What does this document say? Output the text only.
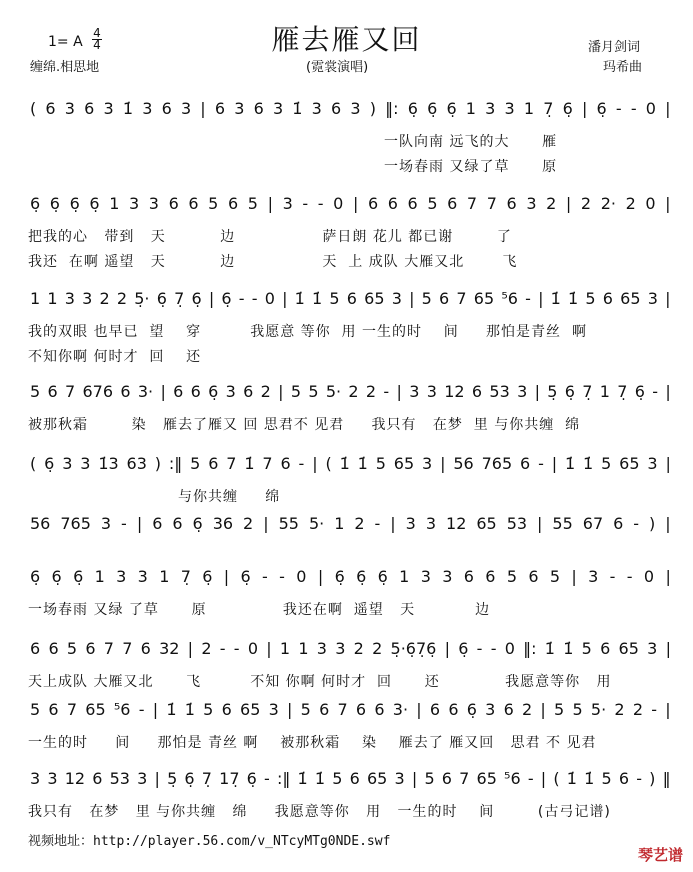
雁去雁又回
1= A
4
4
缠绵.相思地	(霓裳演唱)
潘月剑词
玛希曲
( 6 3 6 3 1̇ 3 6 3 | 6 3 6 3 1̇ 3 6 3 ) ‖: 6̣ 6̣ 6̣ 1 3 3 1 7̣ 6̣ | 6̣ - - 0 |
一队向南 远飞的大      雁
一场春雨 又绿了草      原
6̣ 6̣ 6̣ 6̣ 1 3 3 6 6 5 6 5 | 3 - - 0 | 6 6 6 5 6 7 7 6 3 2 | 2 2· 2 0 |
把我的心   带到   天          边                萨日朗 花儿 都已谢        了
我还  在啊 遥望   天          边                天  上 成队 大雁又北       飞
1 1 3 3 2 2 5̣· 6̣ 7̣ 6̣ | 6̣ - - 0 | 1̇ 1̇ 5 6 65 3 | 5 6 7 65 ⁵6 - | 1̇ 1̇ 5 6 65 3 |
我的双眼 也早已  望    穿         我愿意 等你  用 一生的时    间     那怕是青丝  啊
不知你啊 何时才  回    还
5 6 7 676 6 3· | 6 6 6̣ 3 6 2 | 5 5 5· 2 2 - | 3 3 12 6 53 3 | 5̣ 6̣ 7̣ 1 7̣ 6̣ - |
被那秋霜        染   雁去了雁又 回 思君不 见君     我只有   在梦  里 与你共缠  绵
( 6̣ 3 3 1̇3 63 ) :‖ 5 6 7 1̇ 7 6 - | ( 1̇ 1̇ 5 65 3 | 56 765 6 - | 1̇ 1̇ 5 65 3 |
与你共缠     绵
56 765 3 - | 6 6 6̣ 36 2 | 55 5· 1 2 - | 3 3 12 65 53 | 55 67 6 - ) |
6̣ 6̣ 6̣ 1 3 3 1 7̣ 6̣ | 6̣ - - 0 | 6̣ 6̣ 6̣ 1 3 3 6 6 5 6 5 | 3 - - 0 |
一场春雨 又绿 了草      原              我还在啊  遥望   天           边
6 6 5 6 7 7 6 32 | 2 - - 0 | 1 1 3 3 2 2 5̣·6̣7̣6̣ | 6̣ - - 0 ‖: 1̇ 1̇ 5 6 65 3 |
天上成队 大雁又北      飞         不知 你啊 何时才  回      还            我愿意等你   用
5 6 7 65 ⁵6 - | 1̇ 1̇ 5 6 65 3 | 5 6 7 6 6 3· | 6 6 6̣ 3 6 2 | 5 5 5· 2 2 - |
一生的时     间     那怕是 青丝 啊    被那秋霜    染    雁去了 雁又回   思君 不 见君
3 3 12 6 53 3 | 5̣ 6̣ 7̣ 17̣ 6̣ - :‖ 1̇ 1̇ 5 6 65 3 | 5 6 7 65 ⁵6 - | ( 1̇ 1̇ 5 6 - ) ‖
我只有   在梦   里 与你共缠   绵     我愿意等你   用   一生的时    间        (古弓记谱)
视频地址：http://player.56.com/v_NTcyMTg0NDE.swf
琴艺谱
